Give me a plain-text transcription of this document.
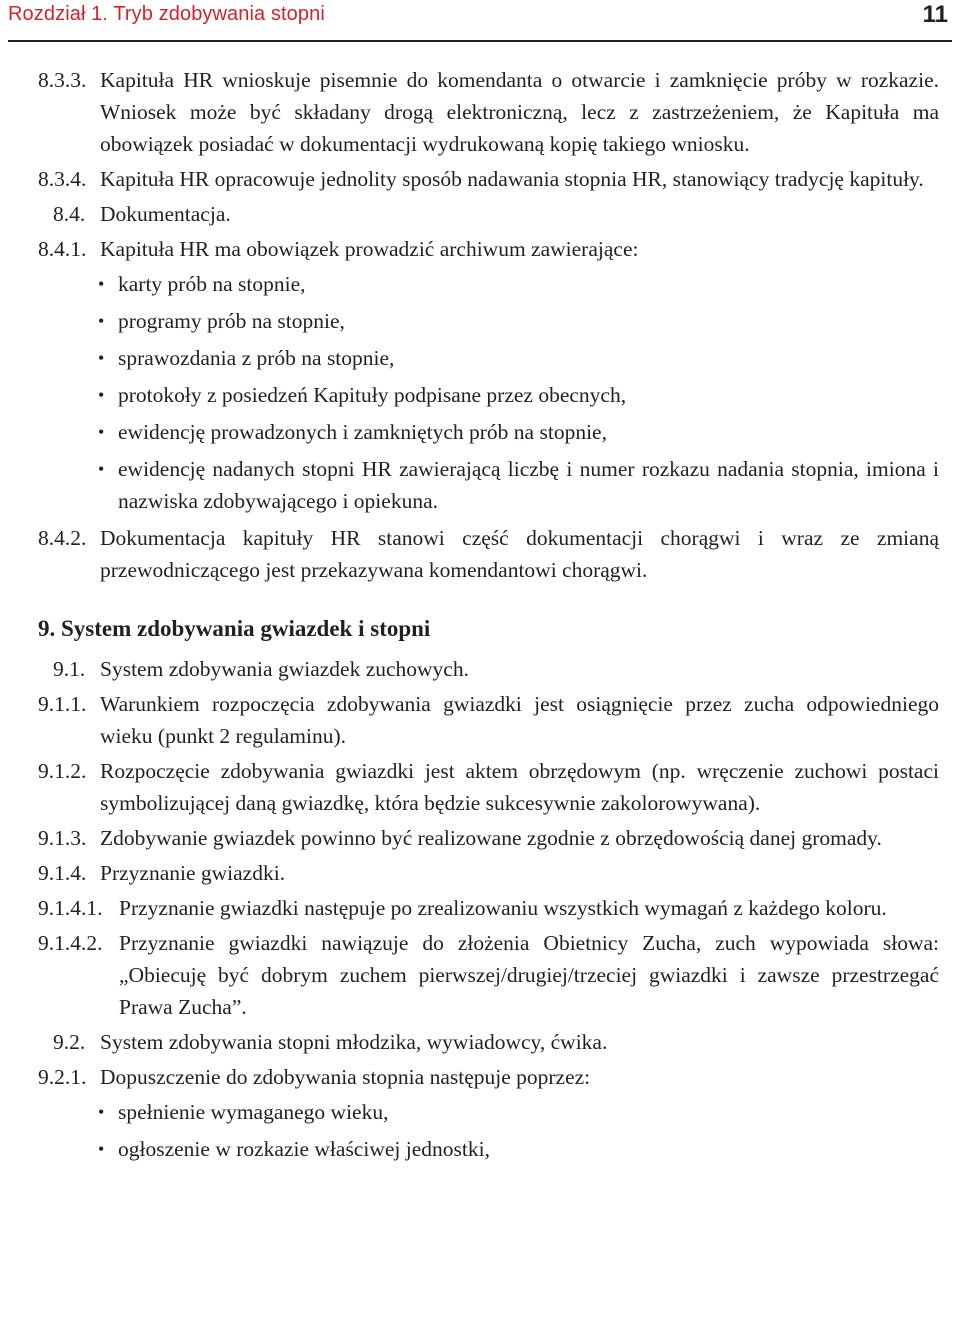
Rozdział 1. Tryb zdobywania stopni	11
8.3.3. Kapituła HR wnioskuje pisemnie do komendanta o otwarcie i zamknięcie próby w rozkazie. Wniosek może być składany drogą elektroniczną, lecz z zastrzeżeniem, że Kapituła ma obowiązek posiadać w dokumentacji wydrukowaną kopię takiego wniosku.
8.3.4. Kapituła HR opracowuje jednolity sposób nadawania stopnia HR, stanowiący tradycję kapituły.
8.4. Dokumentacja.
8.4.1. Kapituła HR ma obowiązek prowadzić archiwum zawierające:
• karty prób na stopnie,
• programy prób na stopnie,
• sprawozdania z prób na stopnie,
• protokoły z posiedzeń Kapituły podpisane przez obecnych,
• ewidencję prowadzonych i zamkniętych prób na stopnie,
• ewidencję nadanych stopni HR zawierającą liczbę i numer rozkazu nadania stopnia, imiona i nazwiska zdobywającego i opiekuna.
8.4.2. Dokumentacja kapituły HR stanowi część dokumentacji chorągwi i wraz ze zmianą przewodniczącego jest przekazywana komendantowi chorągwi.
9. System zdobywania gwiazdek i stopni
9.1. System zdobywania gwiazdek zuchowych.
9.1.1. Warunkiem rozpoczęcia zdobywania gwiazdki jest osiągnięcie przez zucha odpowiedniego wieku (punkt 2 regulaminu).
9.1.2. Rozpoczęcie zdobywania gwiazdki jest aktem obrzędowym (np. wręczenie zuchowi postaci symbolizującej daną gwiazdkę, która będzie sukcesywnie zakolorowywana).
9.1.3. Zdobywanie gwiazdek powinno być realizowane zgodnie z obrzędowością danej gromady.
9.1.4. Przyznanie gwiazdki.
9.1.4.1. Przyznanie gwiazdki następuje po zrealizowaniu wszystkich wymagań z każdego koloru.
9.1.4.2. Przyznanie gwiazdki nawiązuje do złożenia Obietnicy Zucha, zuch wypowiada słowa: „Obiecuję być dobrym zuchem pierwszej/drugiej/trzeciej gwiazdki i zawsze przestrzegać Prawa Zucha”.
9.2. System zdobywania stopni młodzika, wywiadowcy, ćwika.
9.2.1. Dopuszczenie do zdobywania stopnia następuje poprzez:
• spełnienie wymaganego wieku,
• ogłoszenie w rozkazie właściwej jednostki,
